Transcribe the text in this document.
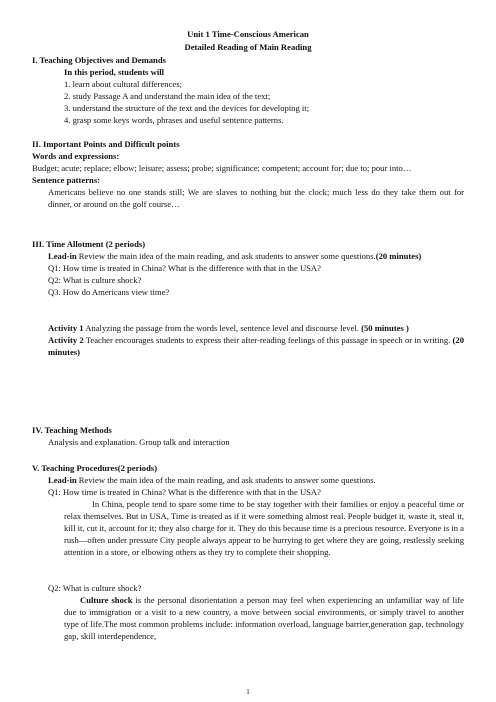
Unit 1 Time-Conscious American
Detailed Reading of Main Reading

I. Teaching Objectives and Demands

In this period, students will

1. learn about cultural differences;

2. study Passage A and understand the main idea of the text;

3. understand the structure of the text and the devices for developing it;

4. grasp some keys words, phrases and useful sentence patterns.

II. Important Points and Difficult points

Words and expressions:

Budget; acute; replace; elbow; leisure; assess; probe; significance; competent; account for; due to; pour into…

Sentence patterns:

Americans believe no one stands still; We are slaves to nothing but the clock; much less do they take them out for dinner, or around on the golf course…

III. Time Allotment (2 periods)

Lead-in Review the main idea of the main reading, and ask students to answer some questions.(20 minutes)

Q1: How time is treated in China? What is the difference with that in the USA?

Q2: What is culture shock?

Q3. How do Americans view time?

Activity 1 Analyzing the passage from the words level, sentence level and discourse level. (50 minutes )

Activity 2 Teacher encourages students to express their after-reading feelings of this passage in speech or in writing. (20 minutes)

IV. Teaching Methods

Analysis and explanation. Group talk and interaction

V. Teaching Procedures(2 periods)

Lead-in Review the main idea of the main reading, and ask students to answer some questions.

Q1: How time is treated in China? What is the difference with that in the USA?

In China, people tend to spare some time to be stay together with their families or enjoy a peaceful time or relax themselves. But in USA, Time is treated as if it were something almost real. People budget it, waste it, steal it, kill it, cut it, account for it; they also charge for it. They do this because time is a precious resource. Everyone is in a rush—often under pressure City people always appear to be hurrying to get where they are going, restlessly seeking attention in a store, or elbowing others as they try to complete their shopping.

Q2: What is culture shock?

Culture shock is the personal disorientation a person may feel when experiencing an unfamiliar way of life due to immigration or a visit to a new country, a move between social environments, or simply travel to another type of life.The most common problems include: information overload, language barrier,generation gap, technology gap, skill interdependence,

1
